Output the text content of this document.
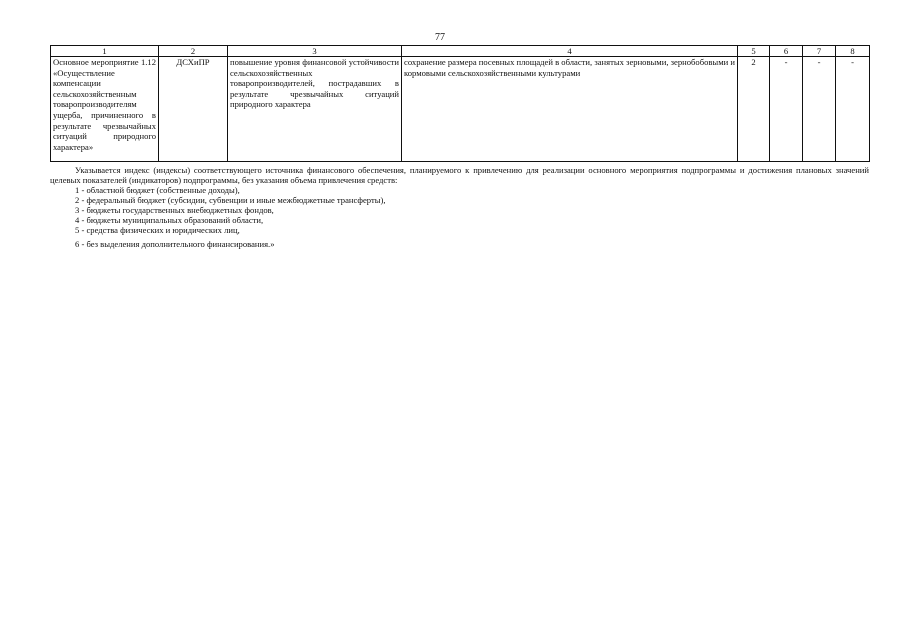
77
1	2	3	4	5	6	7	8
Основное мероприятие 1.12 «Осуществление компенсации сельскохозяйственным товаропроизводителям ущерба, причиненного в результате чрезвычайных ситуаций природного характера»	ДСХиПР	повышение уровня финансовой устойчивости сельскохозяйственных товаропроизводителей, пострадавших в результате чрезвычайных ситуаций природного характера	сохранение размера посевных площадей в области, занятых зерновыми, зернобобовыми и кормовыми сельскохозяйственными культурами	2	-	-	-

Указывается индекс (индексы) соответствующего источника финансового обеспечения, планируемого к привлечению для реализации основного мероприятия подпрограммы и достижения плановых значений целевых показателей (индикаторов) подпрограммы, без указания объема привлечения средств:

1 - областной бюджет (собственные доходы),
2 - федеральный бюджет (субсидии, субвенции и иные межбюджетные трансферты),
3 - бюджеты государственных внебюджетных фондов,
4 - бюджеты муниципальных образований области,
5 - средства физических и юридических лиц,
6 - без выделения дополнительного финансирования.»
